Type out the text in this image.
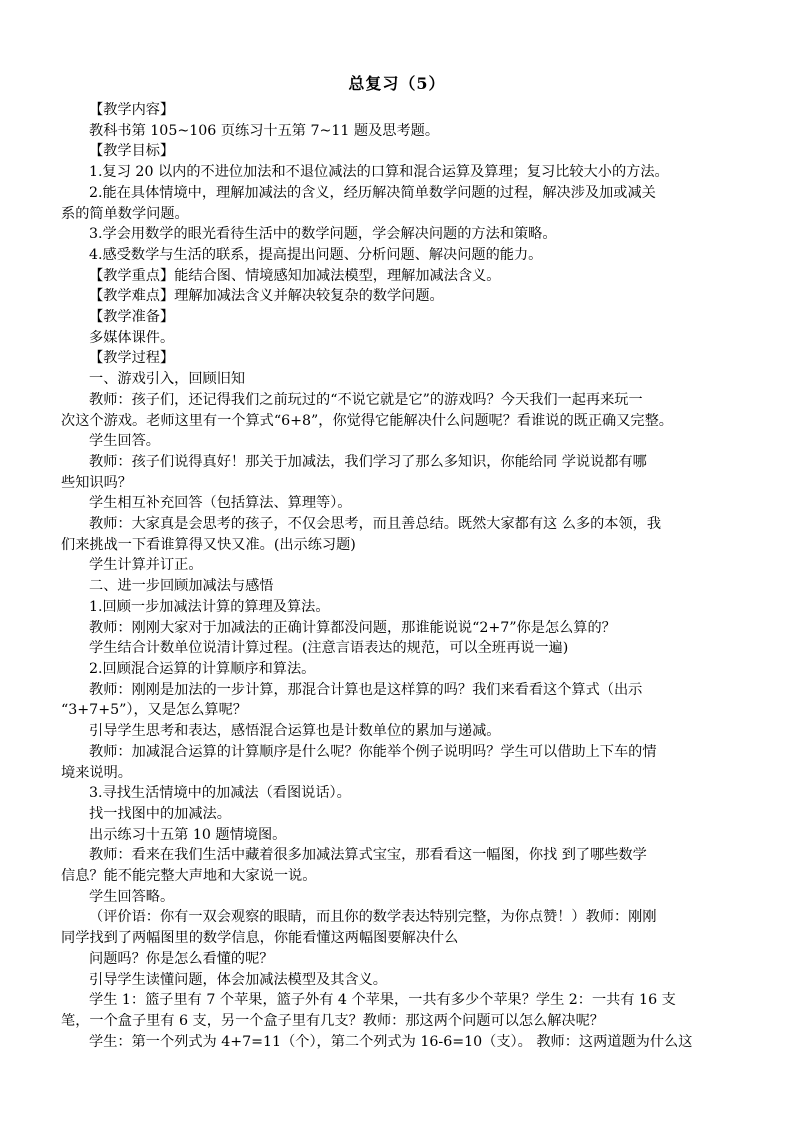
总复习（5）

【教学内容】

教科书第 105~106 页练习十五第 7~11 题及思考题。

【教学目标】

1.复习 20 以内的不进位加法和不退位减法的口算和混合运算及算理；复习比较大小的方法。

2.能在具体情境中，理解加减法的含义，经历解决简单数学问题的过程，解决涉及加或减关

系的简单数学问题。

3.学会用数学的眼光看待生活中的数学问题，学会解决问题的方法和策略。

4.感受数学与生活的联系，提高提出问题、分析问题、解决问题的能力。

【教学重点】能结合图、情境感知加减法模型，理解加减法含义。

【教学难点】理解加减法含义并解决较复杂的数学问题。

【教学准备】

多媒体课件。

【教学过程】

一、游戏引入，回顾旧知

教师：孩子们，还记得我们之前玩过的“不说它就是它”的游戏吗？今天我们一起再来玩一

次这个游戏。老师这里有一个算式“6+8”，你觉得它能解决什么问题呢？看谁说的既正确又完整。

学生回答。

教师：孩子们说得真好！那关于加减法，我们学习了那么多知识，你能给同 学说说都有哪

些知识吗？

学生相互补充回答（包括算法、算理等）。

教师：大家真是会思考的孩子，不仅会思考，而且善总结。既然大家都有这 么多的本领，我

们来挑战一下看谁算得又快又准。(出示练习题)

学生计算并订正。

二、进一步回顾加减法与感悟

1.回顾一步加减法计算的算理及算法。

教师：刚刚大家对于加减法的正确计算都没问题，那谁能说说“2+7”你是怎么算的？

学生结合计数单位说清计算过程。(注意言语表达的规范，可以全班再说一遍)

2.回顾混合运算的计算顺序和算法。

教师：刚刚是加法的一步计算，那混合计算也是这样算的吗？我们来看看这个算式（出示

“3+7+5”），又是怎么算呢？

引导学生思考和表达，感悟混合运算也是计数单位的累加与递减。

教师：加减混合运算的计算顺序是什么呢？你能举个例子说明吗？学生可以借助上下车的情

境来说明。

3.寻找生活情境中的加减法（看图说话）。

找一找图中的加减法。

出示练习十五第 10 题情境图。

教师：看来在我们生活中藏着很多加减法算式宝宝，那看看这一幅图，你找 到了哪些数学

信息？能不能完整大声地和大家说一说。

学生回答略。

（评价语：你有一双会观察的眼睛，而且你的数学表达特别完整，为你点赞！）教师：刚刚

同学找到了两幅图里的数学信息，你能看懂这两幅图要解决什么

问题吗？你是怎么看懂的呢？

引导学生读懂问题，体会加减法模型及其含义。

学生 1：篮子里有 7 个苹果，篮子外有 4 个苹果，一共有多少个苹果？学生 2：一共有 16 支

笔，一个盒子里有 6 支，另一个盒子里有几支？教师：那这两个问题可以怎么解决呢？

学生：第一个列式为 4+7=11（个），第二个列式为 16-6=10（支）。 教师：这两道题为什么这
